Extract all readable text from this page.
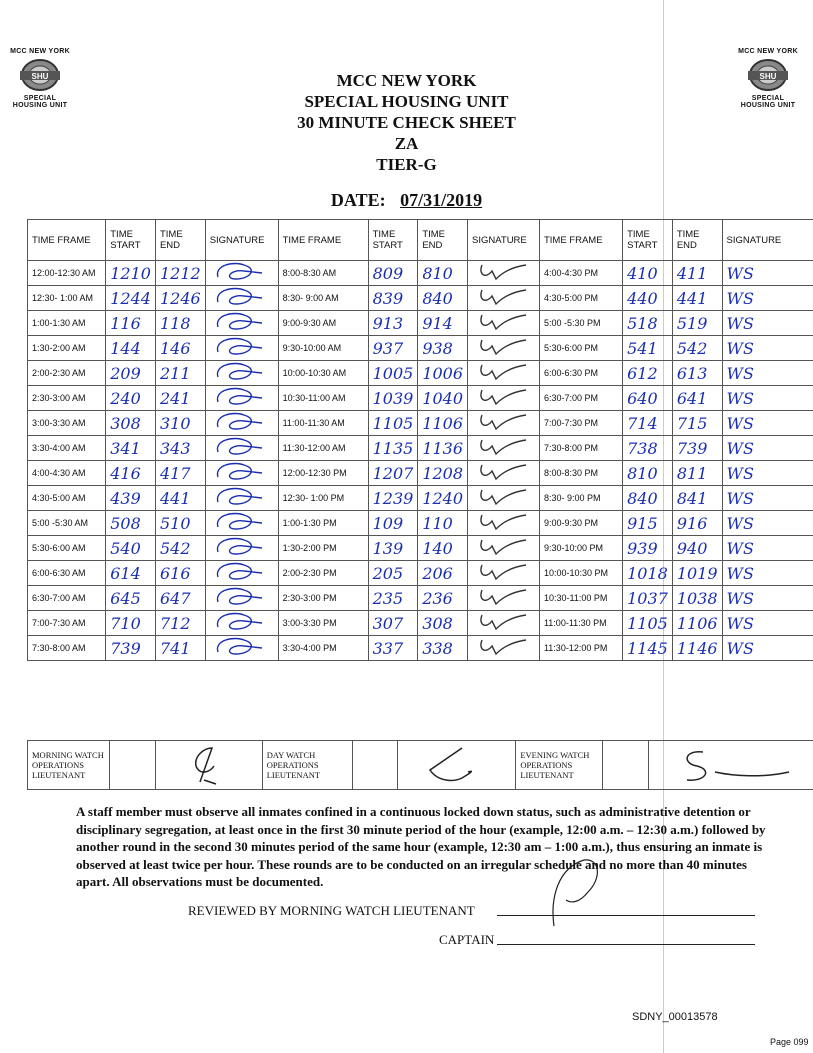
MCC NEW YORK
SHU
SPECIAL HOUSING UNIT
MCC NEW YORK
SHU
SPECIAL HOUSING UNIT
MCC NEW YORK
SPECIAL HOUSING UNIT
30 MINUTE CHECK SHEET
ZA
TIER-G
DATE: 07/31/2019
TIME FRAME	TIME START	TIME END	SIGNATURE	TIME FRAME	TIME START	TIME END	SIGNATURE	TIME FRAME	TIME START	TIME END	SIGNATURE
12:00-12:30 AM	1210	1212		8:00-8:30 AM	809	810		4:00-4:30 PM	410	411	WS
12:30- 1:00 AM	1244	1246		8:30- 9:00 AM	839	840		4:30-5:00 PM	440	441	WS
1:00-1:30 AM	116	118		9:00-9:30 AM	913	914		5:00 -5:30 PM	518	519	WS
1:30-2:00 AM	144	146		9:30-10:00 AM	937	938		5:30-6:00 PM	541	542	WS
2:00-2:30 AM	209	211		10:00-10:30 AM	1005	1006		6:00-6:30 PM	612	613	WS
2:30-3:00 AM	240	241		10:30-11:00 AM	1039	1040		6:30-7:00 PM	640	641	WS
3:00-3:30 AM	308	310		11:00-11:30 AM	1105	1106		7:00-7:30 PM	714	715	WS
3:30-4:00 AM	341	343		11:30-12:00 AM	1135	1136		7:30-8:00 PM	738	739	WS
4:00-4:30 AM	416	417		12:00-12:30 PM	1207	1208		8:00-8:30 PM	810	811	WS
4:30-5:00 AM	439	441		12:30- 1:00 PM	1239	1240		8:30- 9:00 PM	840	841	WS
5:00 -5:30 AM	508	510		1:00-1:30 PM	109	110		9:00-9:30 PM	915	916	WS
5:30-6:00 AM	540	542		1:30-2:00 PM	139	140		9:30-10:00 PM	939	940	WS
6:00-6:30 AM	614	616		2:00-2:30 PM	205	206		10:00-10:30 PM	1018	1019	WS
6:30-7:00 AM	645	647		2:30-3:00 PM	235	236		10:30-11:00 PM	1037	1038	WS
7:00-7:30 AM	710	712		3:00-3:30 PM	307	308		11:00-11:30 PM	1105	1106	WS
7:30-8:00 AM	739	741		3:30-4:00 PM	337	338		11:30-12:00 PM	1145	1146	WS
MORNING WATCH OPERATIONS LIEUTENANT			DAY WATCH OPERATIONS LIEUTENANT			EVENING WATCH OPERATIONS LIEUTENANT		
A staff member must observe all inmates confined in a continuous locked down status, such as administrative detention or disciplinary segregation, at least once in the first 30 minute period of the hour (example, 12:00 a.m. – 12:30 a.m.) followed by another round in the second 30 minutes period of the same hour (example, 12:30 am – 1:00 a.m.), thus ensuring an inmate is observed at least twice per hour. These rounds are to be conducted on an irregular schedule and no more than 40 minutes apart. All observations must be documented.
REVIEWED BY MORNING WATCH LIEUTENANT
CAPTAIN
SDNY_00013578
Page 099
